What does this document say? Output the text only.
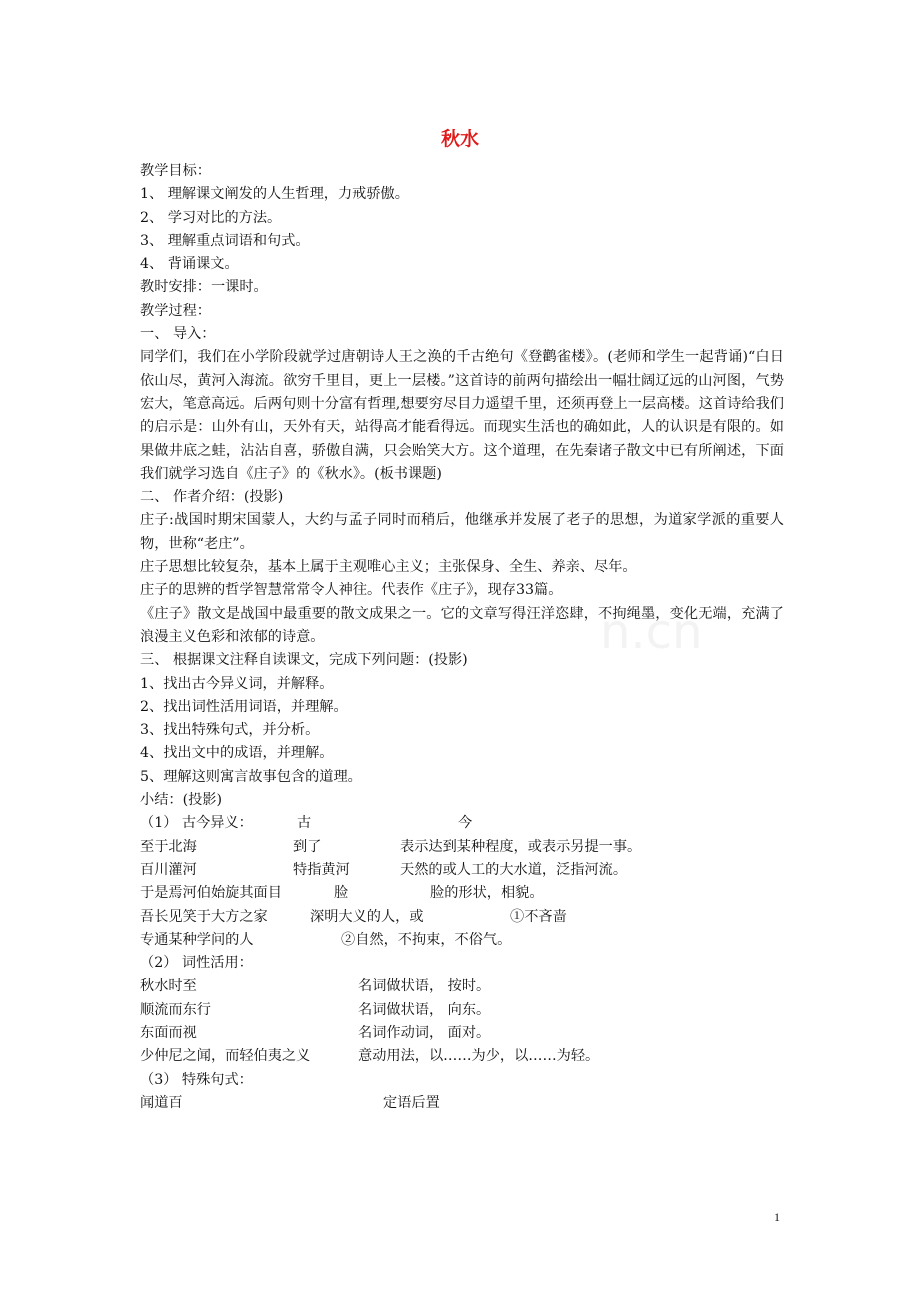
秋水
n.cn
教学目标：
1、 理解课文阐发的人生哲理，力戒骄傲。
2、 学习对比的方法。
3、 理解重点词语和句式。
4、 背诵课文。
教时安排：一课时。
教学过程：
一、 导入：
同学们，我们在小学阶段就学过唐朝诗人王之涣的千古绝句《登鹳雀楼》。(老师和学生一起背诵)“白日依山尽，黄河入海流。欲穷千里目，更上一层楼。”这首诗的前两句描绘出一幅壮阔辽远的山河图，气势宏大，笔意高远。后两句则十分富有哲理,想要穷尽目力遥望千里，还须再登上一层高楼。这首诗给我们的启示是：山外有山，天外有天，站得高才能看得远。而现实生活也的确如此，人的认识是有限的。如果做井底之蛙，沾沾自喜，骄傲自满，只会贻笑大方。这个道理，在先秦诸子散文中已有所阐述，下面我们就学习选自《庄子》的《秋水》。(板书课题)
二、 作者介绍：(投影)
庄子:战国时期宋国蒙人，大约与孟子同时而稍后，他继承并发展了老子的思想，为道家学派的重要人物，世称“老庄”。
庄子思想比较复杂，基本上属于主观唯心主义；主张保身、全生、养亲、尽年。
庄子的思辨的哲学智慧常常令人神往。代表作《庄子》，现存33篇。
《庄子》散文是战国中最重要的散文成果之一。它的文章写得汪洋恣肆，不拘绳墨，变化无端，充满了浪漫主义色彩和浓郁的诗意。
三、 根据课文注释自读课文，完成下列问题：(投影)
1、找出古今异义词，并解释。
2、找出词性活用词语，并理解。
3、找出特殊句式，并分析。
4、找出文中的成语，并理解。
5、理解这则寓言故事包含的道理。
小结：(投影)
（1） 古今异义：	古	今
至于北海	到了	表示达到某种程度，或表示另提一事。
百川灌河	特指黄河	天然的或人工的大水道，泛指河流。
于是焉河伯始旋其面目	脸	脸的形状，相貌。
吾长见笑于大方之家	深明大义的人，或	①不吝啬
专通某种学问的人	②自然，不拘束，不俗气。
（2） 词性活用：
秋水时至	名词做状语， 按时。
顺流而东行	名词做状语， 向东。
东面而视	名词作动词， 面对。
少仲尼之闻，而轻伯夷之义	意动用法，以……为少，以……为轻。
（3） 特殊句式：
闻道百	定语后置
1
